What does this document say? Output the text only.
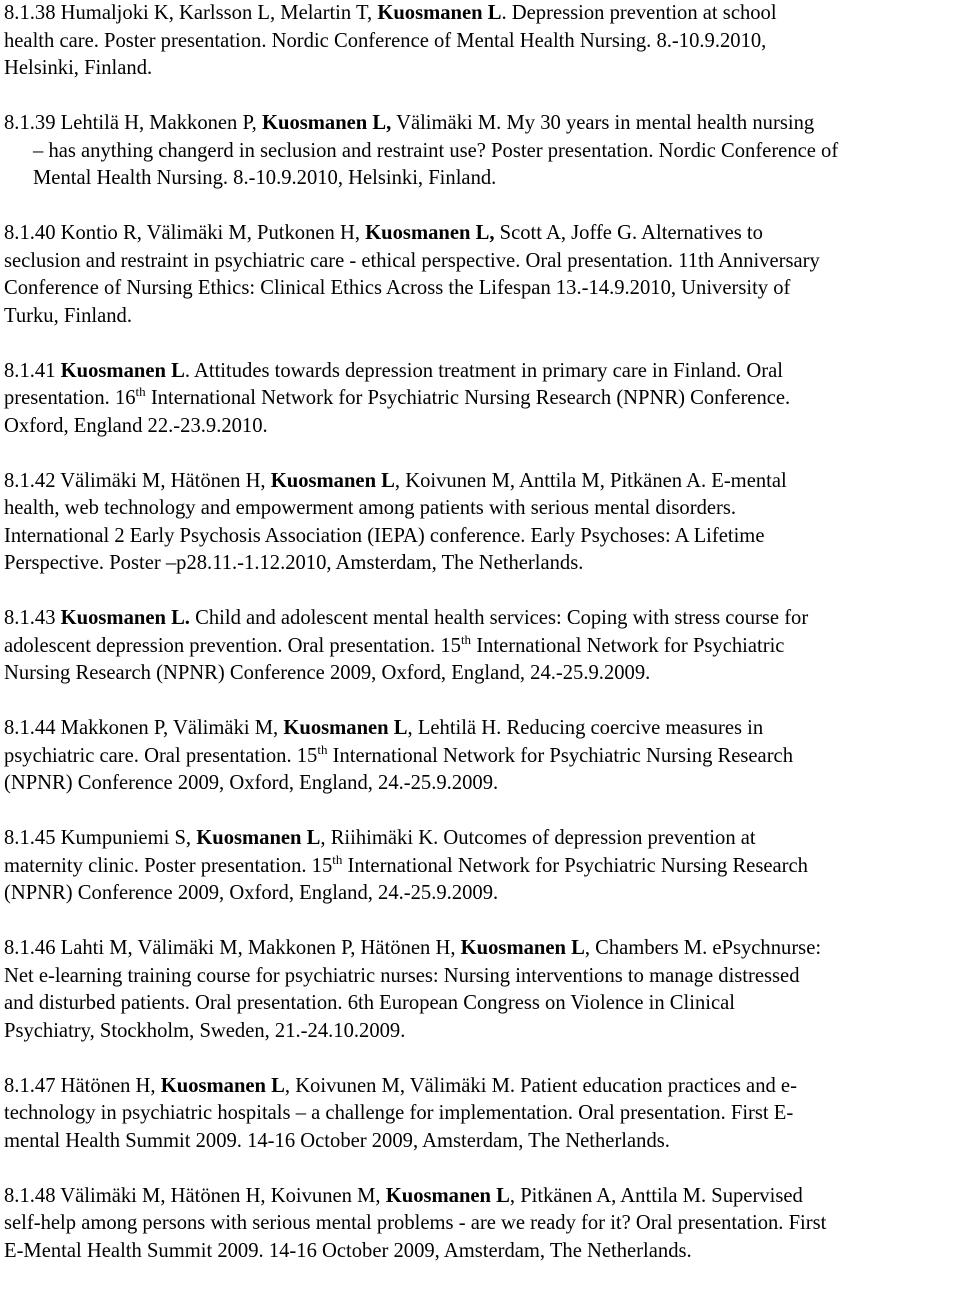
8.1.38 Humaljoki K, Karlsson L, Melartin T, Kuosmanen L. Depression prevention at school
health care. Poster presentation. Nordic Conference of Mental Health Nursing. 8.-10.9.2010,
Helsinki, Finland.
8.1.39 Lehtilä H, Makkonen P, Kuosmanen L, Välimäki M. My 30 years in mental health nursing
– has anything changerd in seclusion and restraint use? Poster presentation. Nordic Conference of
Mental Health Nursing. 8.-10.9.2010, Helsinki, Finland.
8.1.40 Kontio R, Välimäki M, Putkonen H, Kuosmanen L, Scott A, Joffe G. Alternatives to
seclusion and restraint in psychiatric care - ethical perspective. Oral presentation. 11th Anniversary
Conference of Nursing Ethics: Clinical Ethics Across the Lifespan 13.-14.9.2010, University of
Turku, Finland.
8.1.41 Kuosmanen L. Attitudes towards depression treatment in primary care in Finland. Oral
presentation. 16th International Network for Psychiatric Nursing Research (NPNR) Conference.
Oxford, England 22.-23.9.2010.
8.1.42 Välimäki M, Hätönen H, Kuosmanen L, Koivunen M, Anttila M, Pitkänen A. E-mental
health, web technology and empowerment among patients with serious mental disorders.
International 2 Early Psychosis Association (IEPA) conference. Early Psychoses: A Lifetime
Perspective. Poster –p28.11.-1.12.2010, Amsterdam, The Netherlands.
8.1.43 Kuosmanen L. Child and adolescent mental health services: Coping with stress course for
adolescent depression prevention. Oral presentation. 15th International Network for Psychiatric
Nursing Research (NPNR) Conference 2009, Oxford, England, 24.-25.9.2009.
8.1.44 Makkonen P, Välimäki M, Kuosmanen L, Lehtilä H. Reducing coercive measures in
psychiatric care. Oral presentation. 15th International Network for Psychiatric Nursing Research
(NPNR) Conference 2009, Oxford, England, 24.-25.9.2009.
8.1.45 Kumpuniemi S, Kuosmanen L, Riihimäki K. Outcomes of depression prevention at
maternity clinic. Poster presentation. 15th International Network for Psychiatric Nursing Research
(NPNR) Conference 2009, Oxford, England, 24.-25.9.2009.
8.1.46 Lahti M, Välimäki M, Makkonen P, Hätönen H, Kuosmanen L, Chambers M. ePsychnurse:
Net e-learning training course for psychiatric nurses: Nursing interventions to manage distressed
and disturbed patients. Oral presentation. 6th European Congress on Violence in Clinical
Psychiatry, Stockholm, Sweden, 21.-24.10.2009.
8.1.47 Hätönen H, Kuosmanen L, Koivunen M, Välimäki M. Patient education practices and e-
technology in psychiatric hospitals – a challenge for implementation. Oral presentation. First E-
mental Health Summit 2009. 14-16 October 2009, Amsterdam, The Netherlands.
8.1.48 Välimäki M, Hätönen H, Koivunen M, Kuosmanen L, Pitkänen A, Anttila M. Supervised
self-help among persons with serious mental problems - are we ready for it? Oral presentation. First
E-Mental Health Summit 2009. 14-16 October 2009, Amsterdam, The Netherlands.
